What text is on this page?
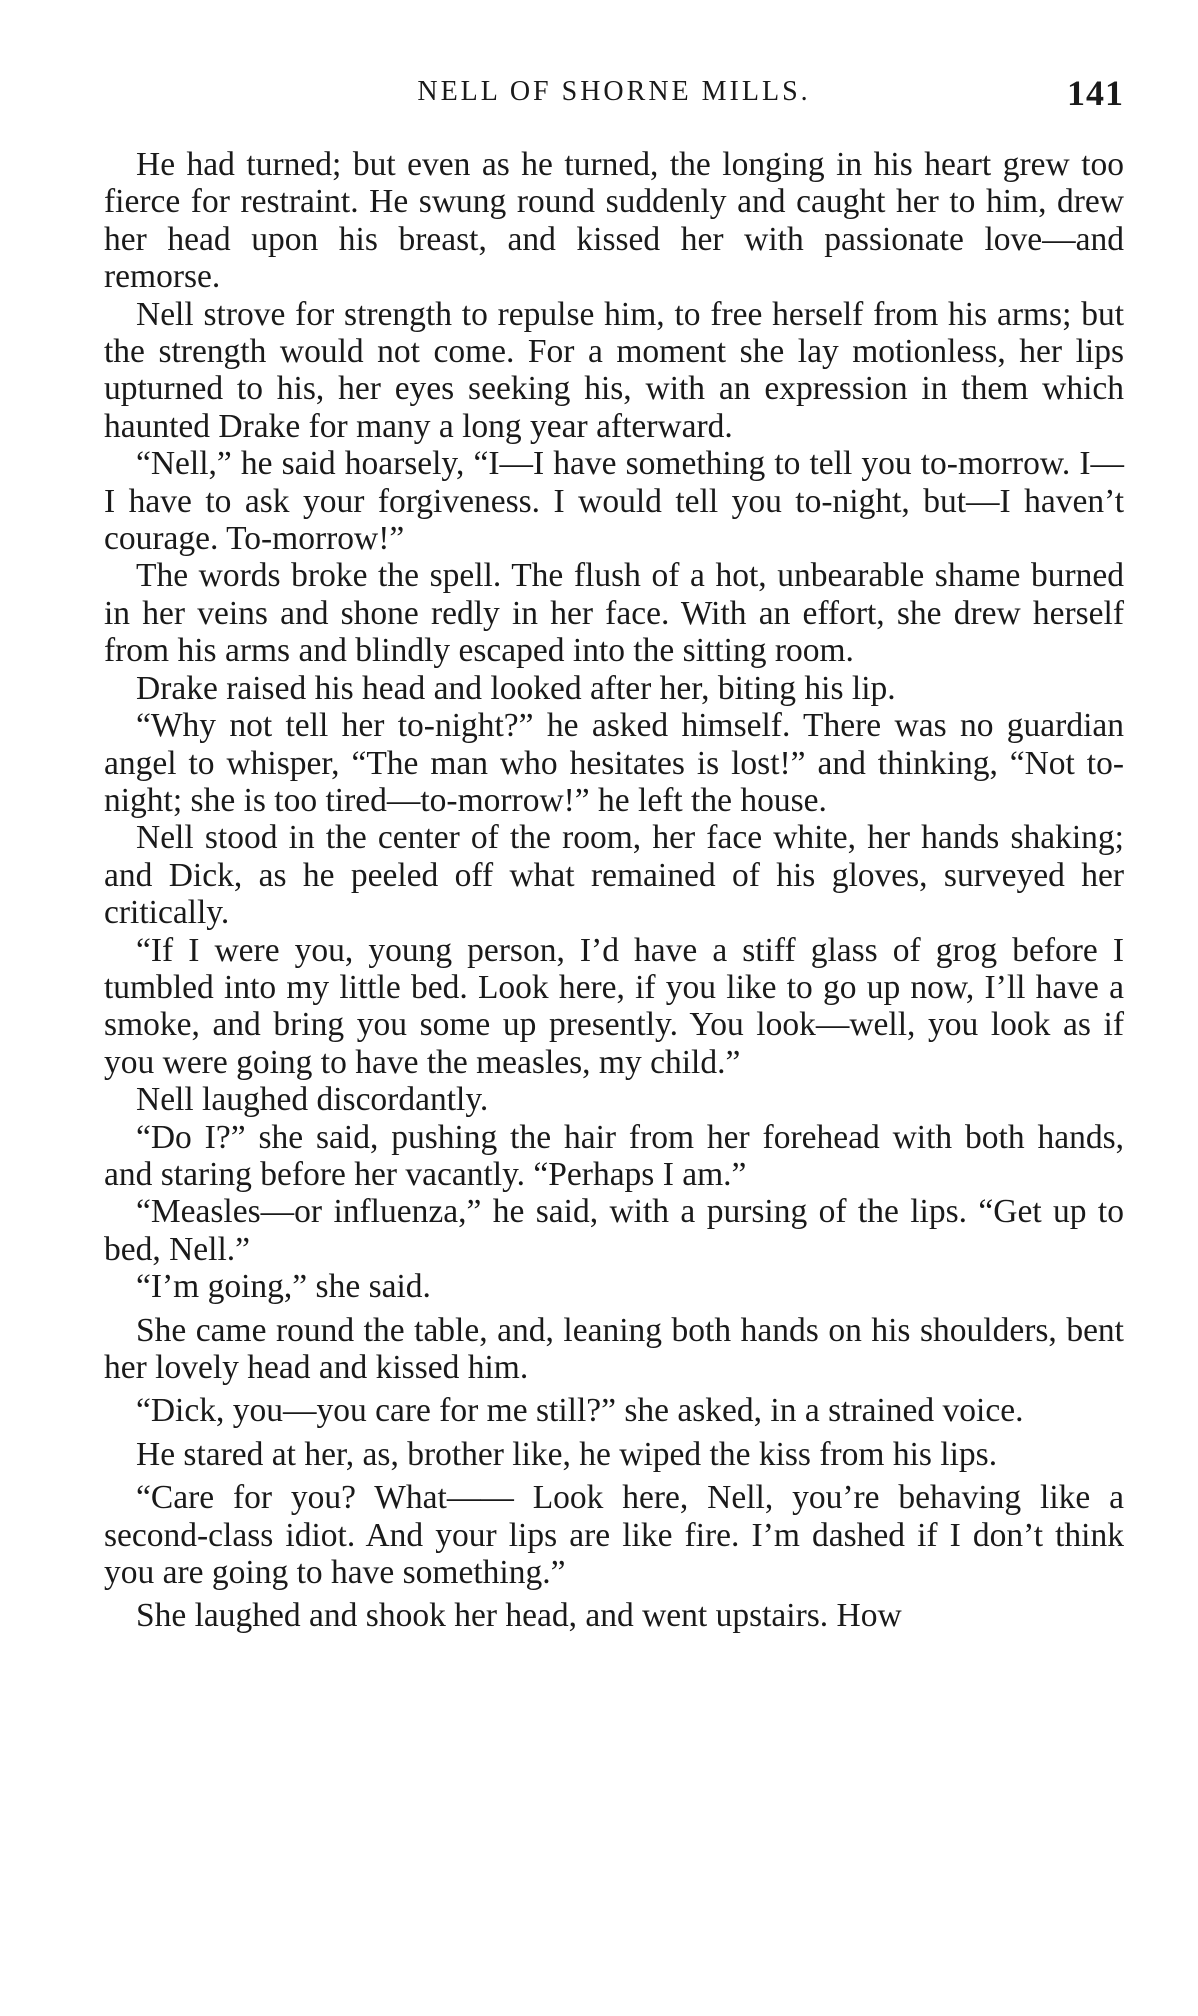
NELL OF SHORNE MILLS.	141

He had turned; but even as he turned, the longing in his heart grew too fierce for restraint. He swung round suddenly and caught her to him, drew her head upon his breast, and kissed her with passionate love—and remorse.

Nell strove for strength to repulse him, to free herself from his arms; but the strength would not come. For a moment she lay motionless, her lips upturned to his, her eyes seeking his, with an expression in them which haunted Drake for many a long year afterward.

“Nell,” he said hoarsely, “I—I have something to tell you to-morrow. I—I have to ask your forgiveness. I would tell you to-night, but—I haven’t courage. To-morrow!”

The words broke the spell. The flush of a hot, unbearable shame burned in her veins and shone redly in her face. With an effort, she drew herself from his arms and blindly escaped into the sitting room.

Drake raised his head and looked after her, biting his lip.

“Why not tell her to-night?” he asked himself. There was no guardian angel to whisper, “The man who hesitates is lost!” and thinking, “Not to-night; she is too tired—to-morrow!” he left the house.

Nell stood in the center of the room, her face white, her hands shaking; and Dick, as he peeled off what remained of his gloves, surveyed her critically.

“If I were you, young person, I’d have a stiff glass of grog before I tumbled into my little bed. Look here, if you like to go up now, I’ll have a smoke, and bring you some up presently. You look—well, you look as if you were going to have the measles, my child.”

Nell laughed discordantly.

“Do I?” she said, pushing the hair from her forehead with both hands, and staring before her vacantly. “Perhaps I am.”

“Measles—or influenza,” he said, with a pursing of the lips. “Get up to bed, Nell.”

“I’m going,” she said.

She came round the table, and, leaning both hands on his shoulders, bent her lovely head and kissed him.

“Dick, you—you care for me still?” she asked, in a strained voice.

He stared at her, as, brother like, he wiped the kiss from his lips.

“Care for you? What—— Look here, Nell, you’re behaving like a second-class idiot. And your lips are like fire. I’m dashed if I don’t think you are going to have something.”

She laughed and shook her head, and went upstairs. How
